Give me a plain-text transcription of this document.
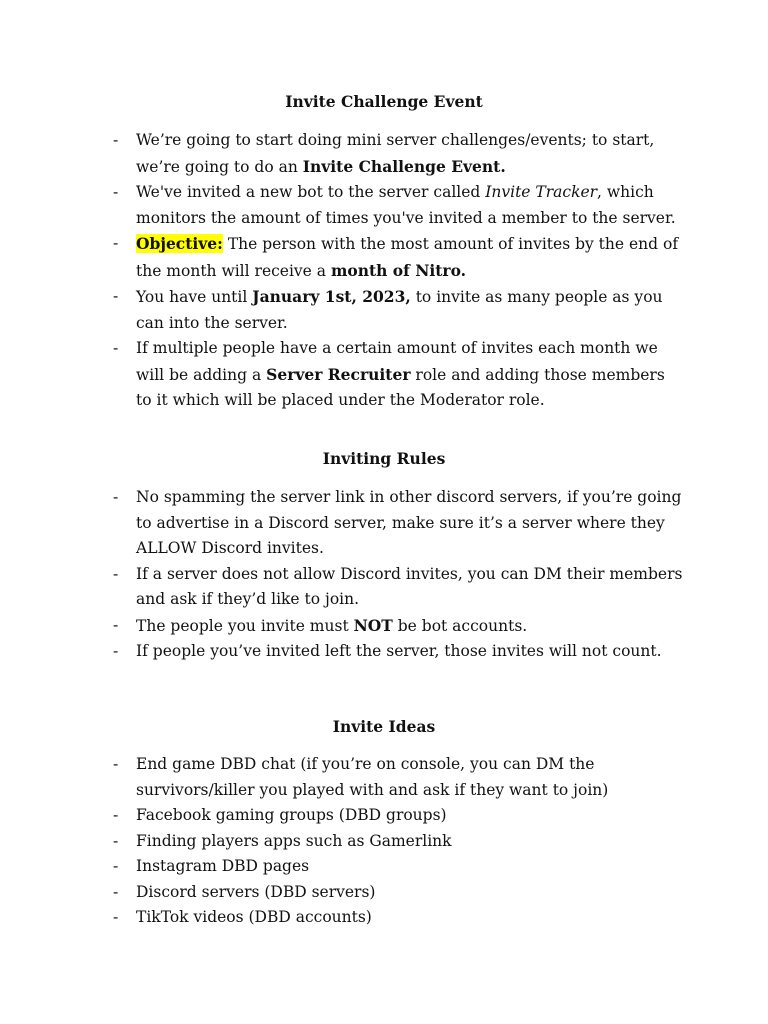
Invite Challenge Event
- We’re going to start doing mini server challenges/events; to start, we’re going to do an Invite Challenge Event.
- We've invited a new bot to the server called Invite Tracker, which monitors the amount of times you've invited a member to the server.
- Objective: The person with the most amount of invites by the end of the month will receive a month of Nitro.
- You have until January 1st, 2023, to invite as many people as you can into the server.
- If multiple people have a certain amount of invites each month we will be adding a Server Recruiter role and adding those members to it which will be placed under the Moderator role.
Inviting Rules
- No spamming the server link in other discord servers, if you’re going to advertise in a Discord server, make sure it’s a server where they ALLOW Discord invites.
- If a server does not allow Discord invites, you can DM their members and ask if they’d like to join.
- The people you invite must NOT be bot accounts.
- If people you’ve invited left the server, those invites will not count.
Invite Ideas
- End game DBD chat (if you’re on console, you can DM the survivors/killer you played with and ask if they want to join)
- Facebook gaming groups (DBD groups)
- Finding players apps such as Gamerlink
- Instagram DBD pages
- Discord servers (DBD servers)
- TikTok videos (DBD accounts)
